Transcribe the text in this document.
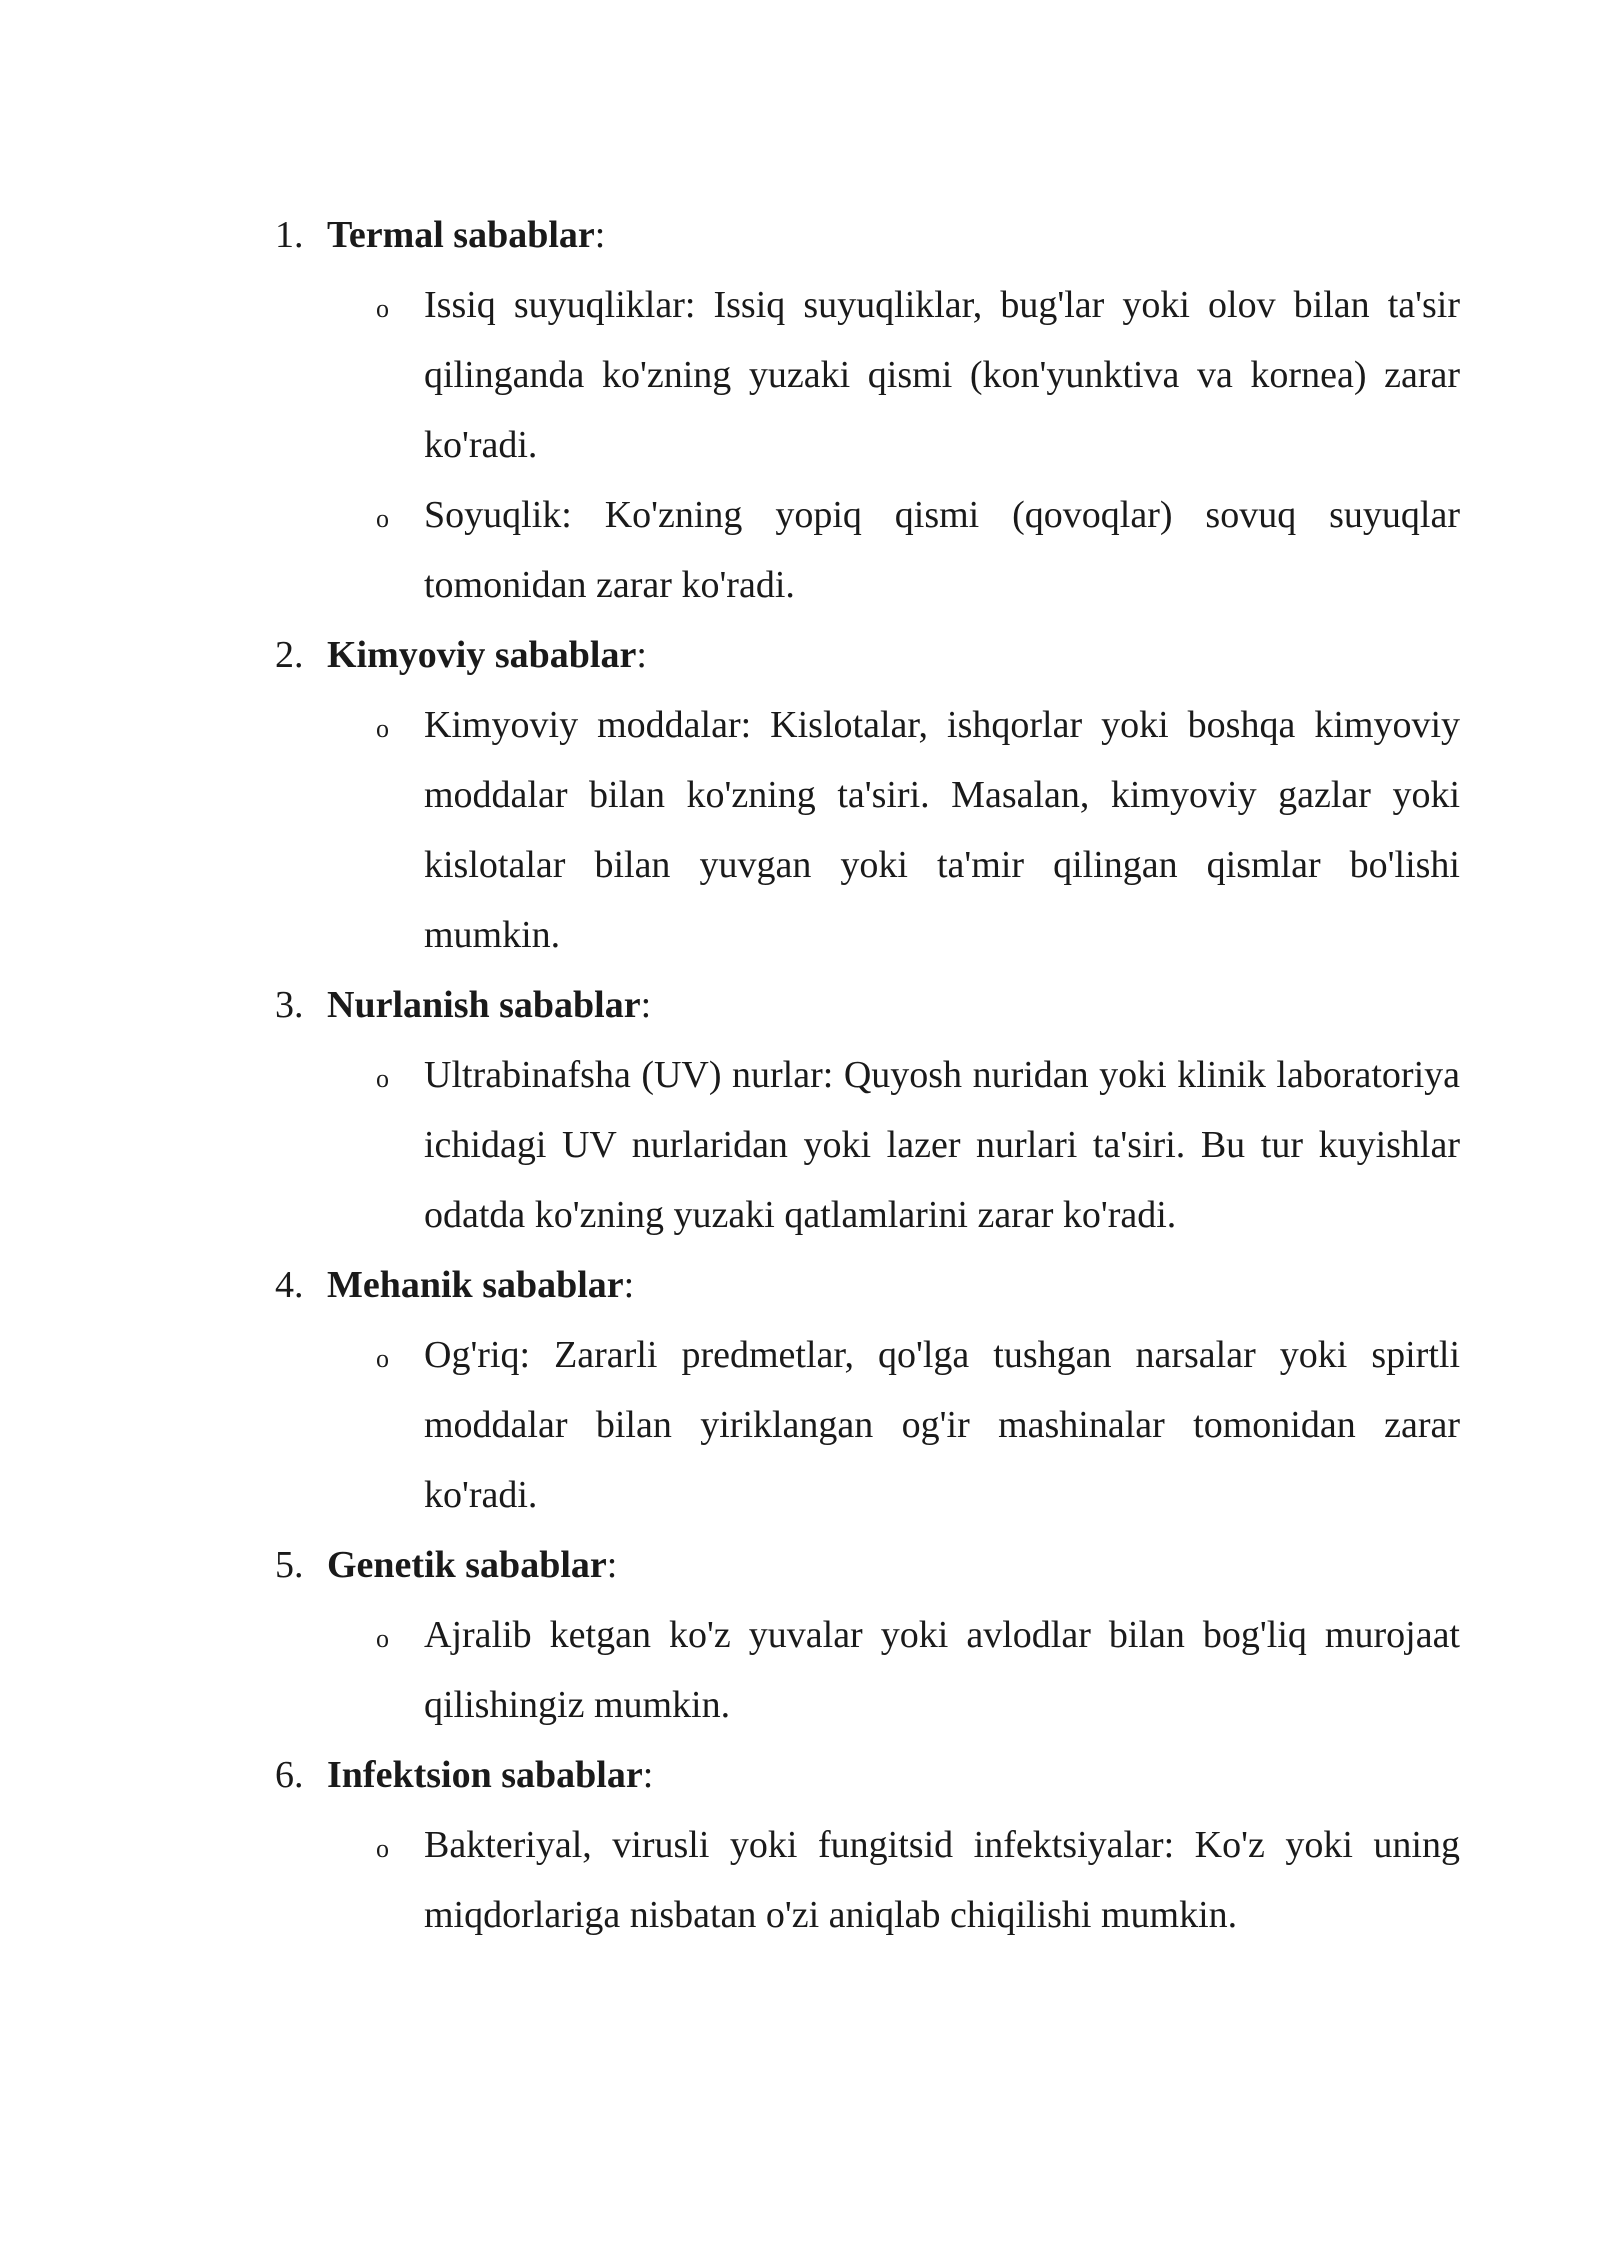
1. Termal sabablar:
o Issiq suyuqliklar: Issiq suyuqliklar, bug'lar yoki olov bilan ta'sir qilinganda ko'zning yuzaki qismi (kon'yunktiva va kornea) zarar ko'radi.
o Soyuqlik: Ko'zning yopiq qismi (qovoqlar) sovuq suyuqlar tomonidan zarar ko'radi.
2. Kimyoviy sabablar:
o Kimyoviy moddalar: Kislotalar, ishqorlar yoki boshqa kimyoviy moddalar bilan ko'zning ta'siri. Masalan, kimyoviy gazlar yoki kislotalar bilan yuvgan yoki ta'mir qilingan qismlar bo'lishi mumkin.
3. Nurlanish sabablar:
o Ultrabinafsha (UV) nurlar: Quyosh nuridan yoki klinik laboratoriya ichidagi UV nurlaridan yoki lazer nurlari ta'siri. Bu tur kuyishlar odatda ko'zning yuzaki qatlamlarini zarar ko'radi.
4. Mehanik sabablar:
o Og'riq: Zararli predmetlar, qo'lga tushgan narsalar yoki spirtli moddalar bilan yiriklangan og'ir mashinalar tomonidan zarar ko'radi.
5. Genetik sabablar:
o Ajralib ketgan ko'z yuvalar yoki avlodlar bilan bog'liq murojaat qilishingiz mumkin.
6. Infektsion sabablar:
o Bakteriyal, virusli yoki fungitsid infektsiyalar: Ko'z yoki uning miqdorlariga nisbatan o'zi aniqlab chiqilishi mumkin.
